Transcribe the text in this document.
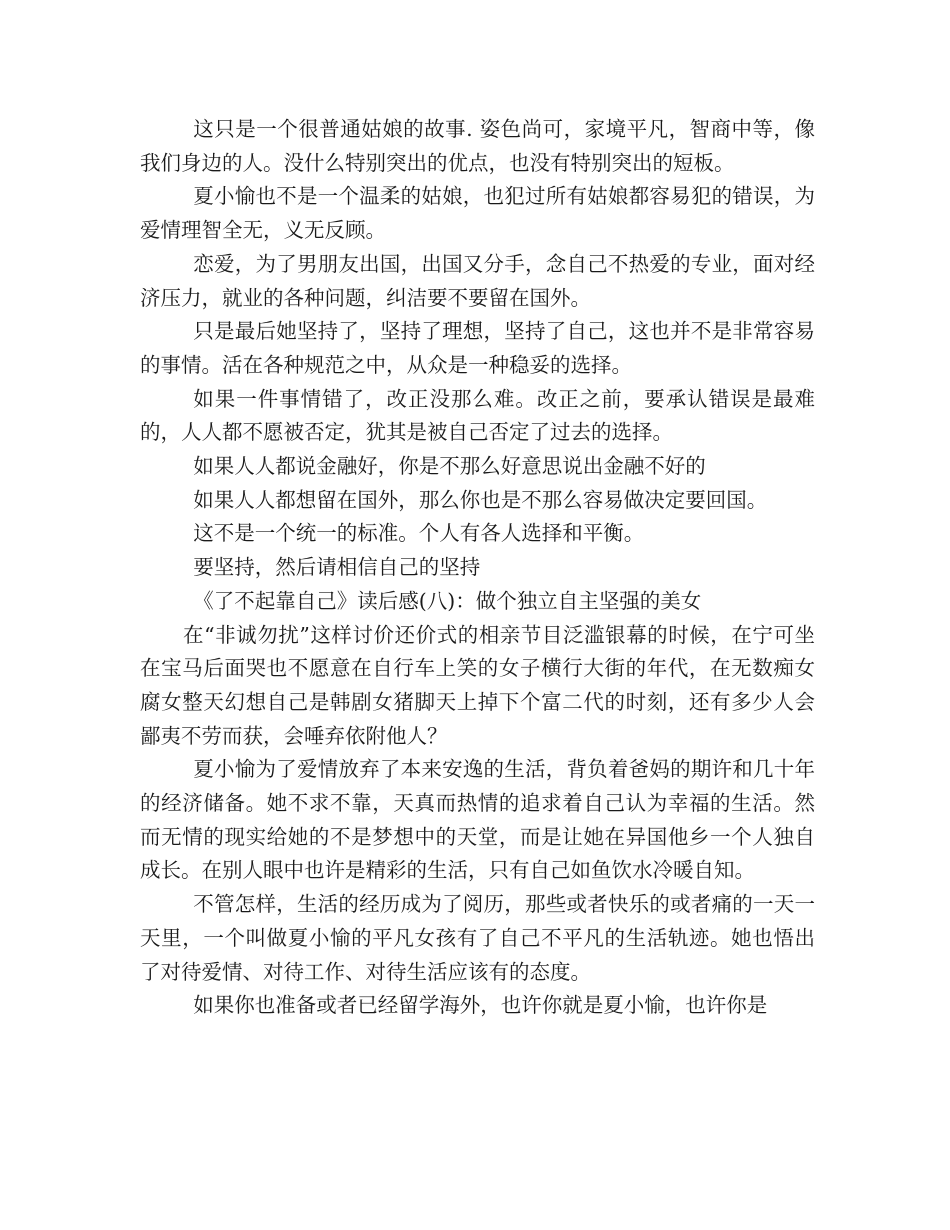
这只是一个很普通姑娘的故事. 姿色尚可，家境平凡，智商中等，像我们身边的人。没什么特别突出的优点，也没有特别突出的短板。

夏小愉也不是一个温柔的姑娘，也犯过所有姑娘都容易犯的错误，为爱情理智全无，义无反顾。

恋爱，为了男朋友出国，出国又分手，念自己不热爱的专业，面对经济压力，就业的各种问题，纠洁要不要留在国外。

只是最后她坚持了，坚持了理想，坚持了自己，这也并不是非常容易的事情。活在各种规范之中，从众是一种稳妥的选择。

如果一件事情错了，改正没那么难。改正之前，要承认错误是最难的，人人都不愿被否定，犹其是被自己否定了过去的选择。

如果人人都说金融好，你是不那么好意思说出金融不好的

如果人人都想留在国外，那么你也是不那么容易做决定要回国。

这不是一个统一的标准。个人有各人选择和平衡。

要坚持，然后请相信自己的坚持

《了不起靠自己》读后感(八)：做个独立自主坚强的美女

在“非诚勿扰”这样讨价还价式的相亲节目泛滥银幕的时候，在宁可坐在宝马后面哭也不愿意在自行车上笑的女子横行大街的年代，在无数痴女腐女整天幻想自己是韩剧女猪脚天上掉下个富二代的时刻，还有多少人会鄙夷不劳而获，会唾弃依附他人？

夏小愉为了爱情放弃了本来安逸的生活，背负着爸妈的期许和几十年的经济储备。她不求不靠，天真而热情的追求着自己认为幸福的生活。然而无情的现实给她的不是梦想中的天堂，而是让她在异国他乡一个人独自成长。在别人眼中也许是精彩的生活，只有自己如鱼饮水冷暖自知。

不管怎样，生活的经历成为了阅历，那些或者快乐的或者痛的一天一天里，一个叫做夏小愉的平凡女孩有了自己不平凡的生活轨迹。她也悟出了对待爱情、对待工作、对待生活应该有的态度。

如果你也准备或者已经留学海外，也许你就是夏小愉，也许你是
